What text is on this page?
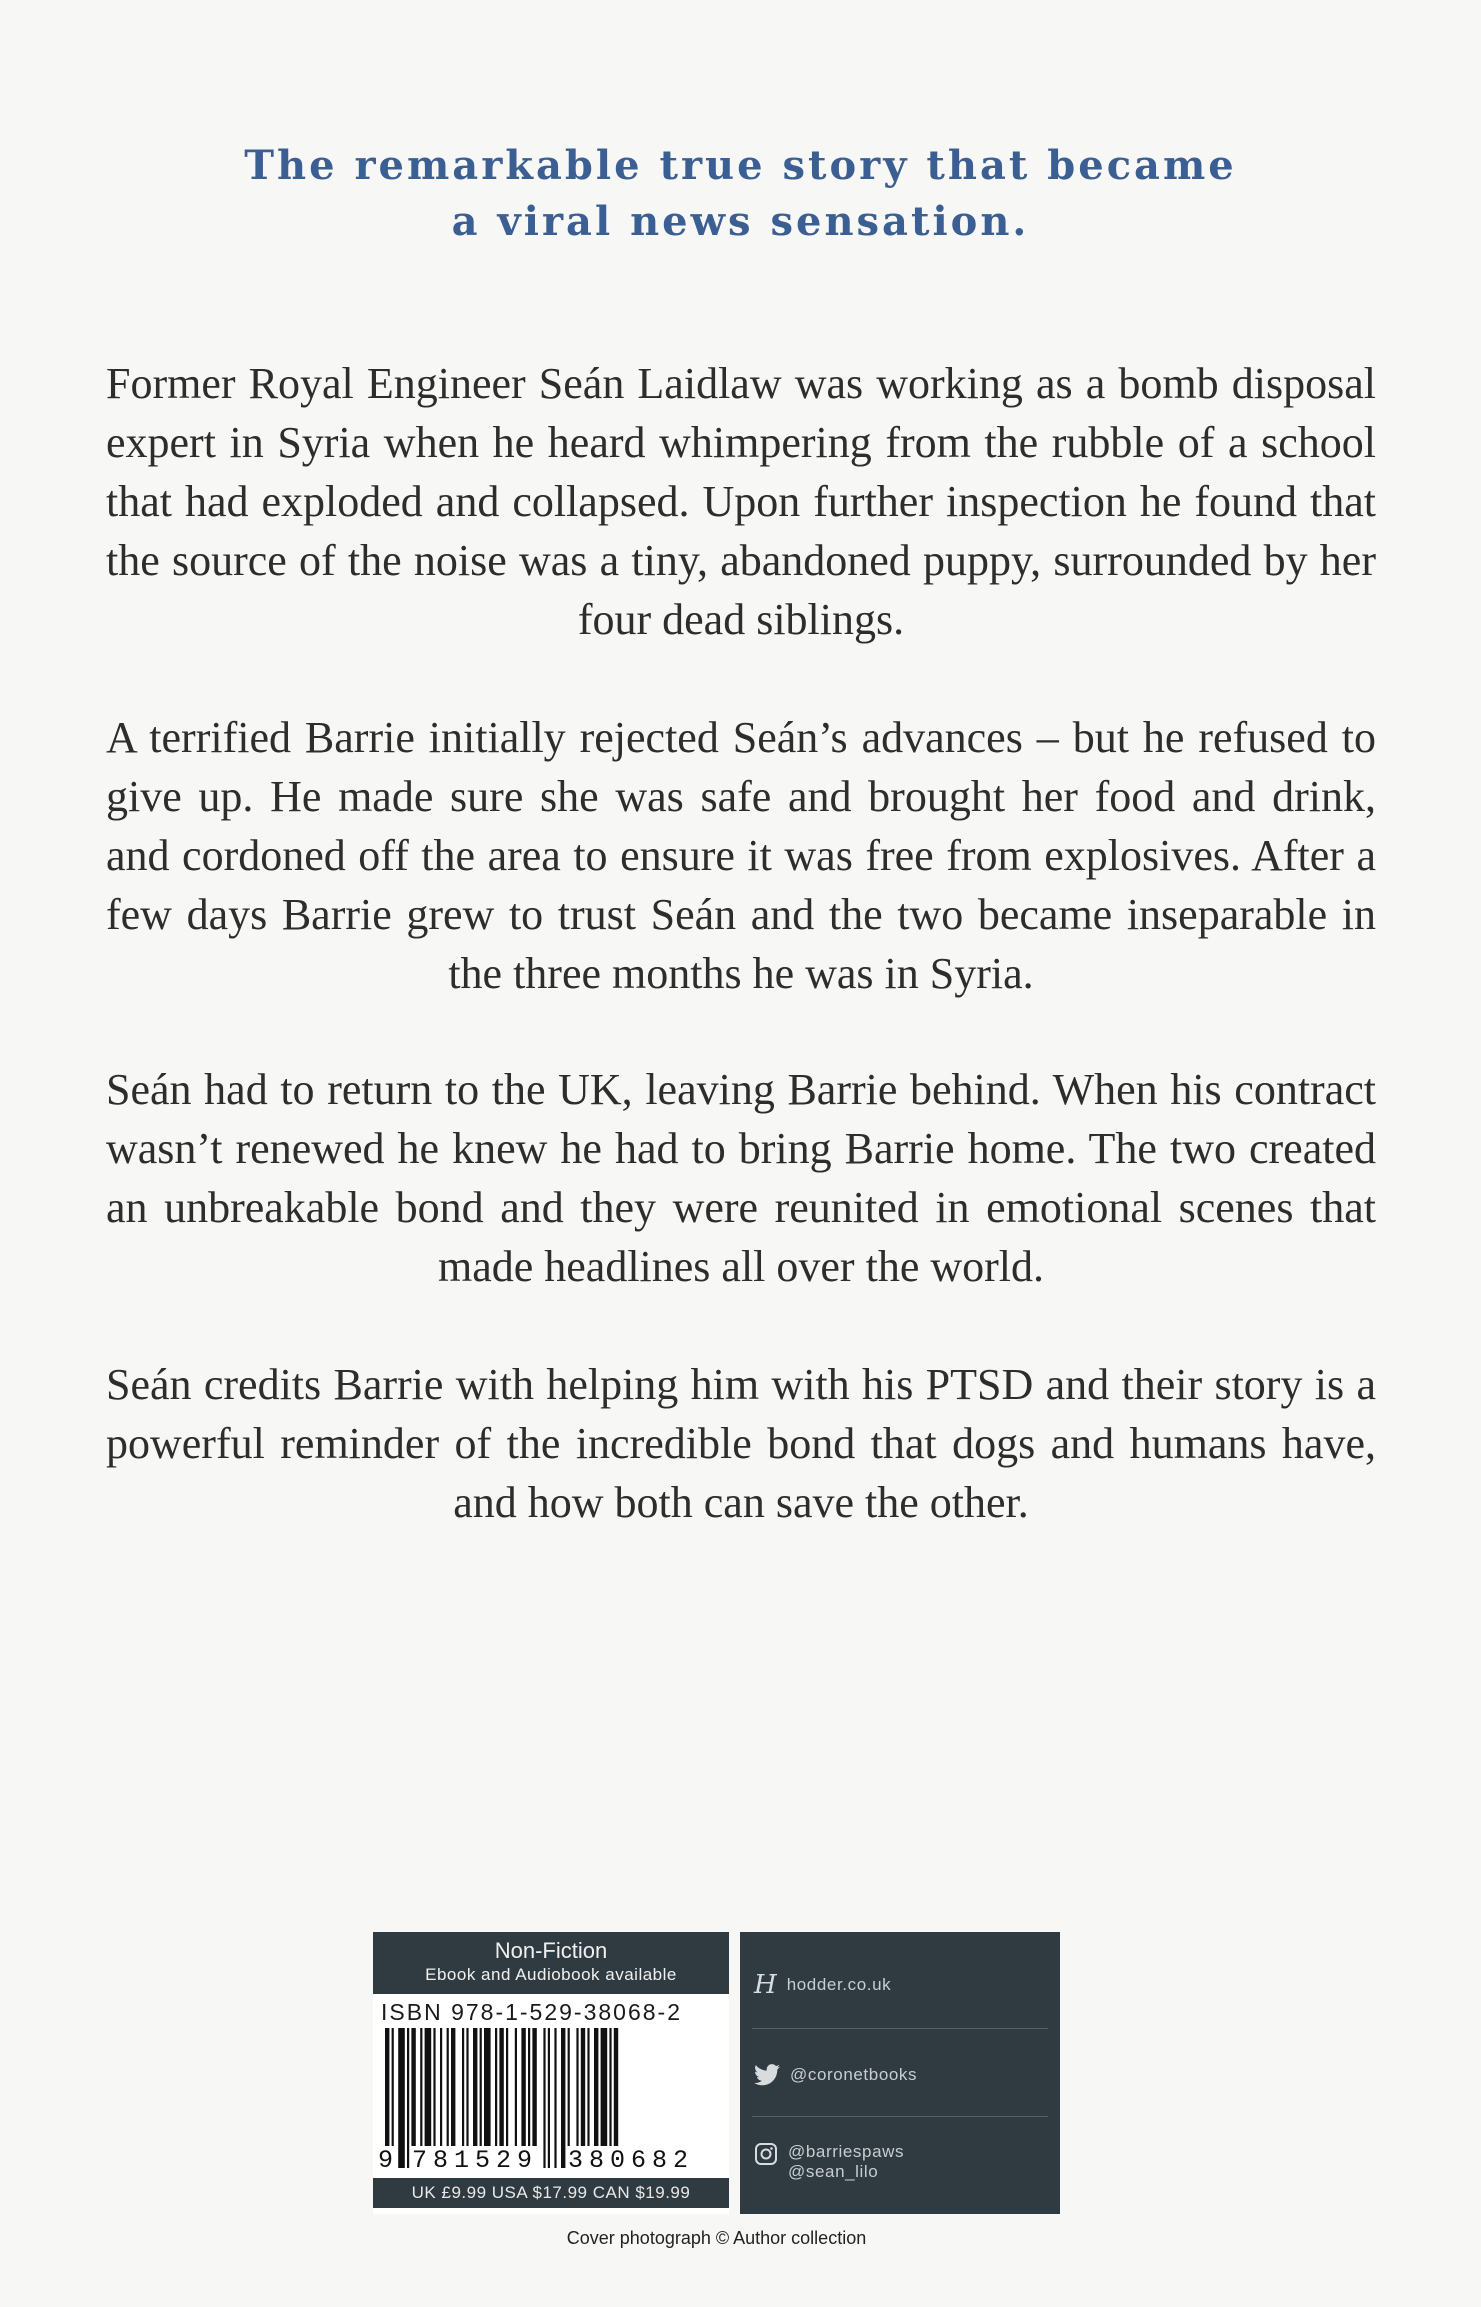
The remarkable true story that became
a viral news sensation.

Former Royal Engineer Seán Laidlaw was working as a bomb disposal expert in Syria when he heard whimpering from the rubble of a school that had exploded and collapsed. Upon further inspection he found that the source of the noise was a tiny, abandoned puppy, surrounded by her four dead siblings.

A terrified Barrie initially rejected Seán’s advances – but he refused to give up. He made sure she was safe and brought her food and drink, and cordoned off the area to ensure it was free from explosives. After a few days Barrie grew to trust Seán and the two became inseparable in the three months he was in Syria.

Seán had to return to the UK, leaving Barrie behind. When his contract wasn’t renewed he knew he had to bring Barrie home. The two created an unbreakable bond and they were reunited in emotional scenes that made headlines all over the world.

Seán credits Barrie with helping him with his PTSD and their story is a powerful reminder of the incredible bond that dogs and humans have, and how both can save the other.

Non-Fiction
Ebook and Audiobook available
ISBN 978-1-529-38068-2
9 781529 380682
UK £9.99 USA $17.99 CAN $19.99
H hodder.co.uk
@coronetbooks
@barriespaws
@sean_lilo
Cover photograph © Author collection
